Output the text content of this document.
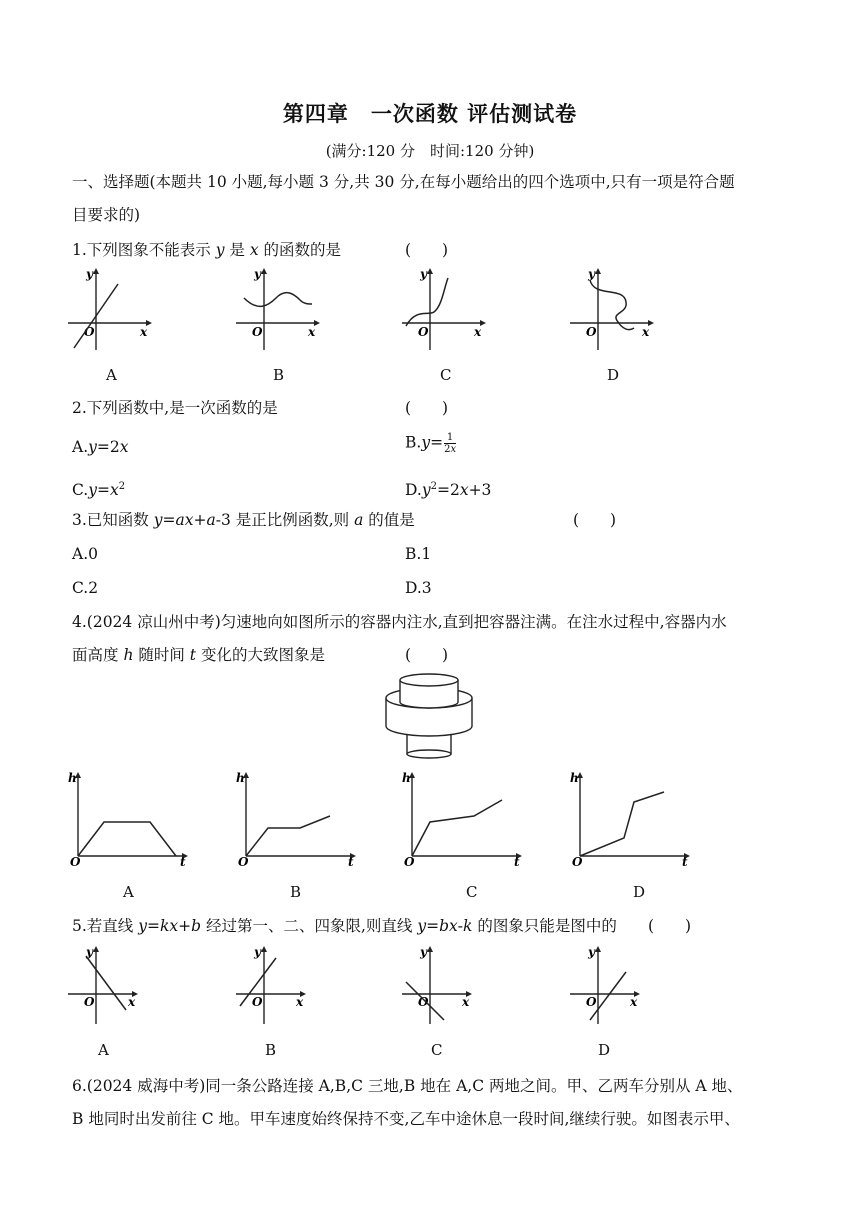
第四章　一次函数 评估测试卷
(满分:120 分　时间:120 分钟)
一、选择题(本题共 10 小题,每小题 3 分,共 30 分,在每小题给出的四个选项中,只有一项是符合题
目要求的)
1.下列图象不能表示 y 是 x 的函数的是	(　　)
y
O	x
y
O	x
y
O	x
y
O	x
A	B	C	D
2.下列函数中,是一次函数的是	(　　)
A.y=2x	$B.y= \frac{1}{2x}$
$C.y=x^2$	$D.y^2=2x+3$
3.已知函数 y=ax+a-3 是正比例函数,则 a 的值是	(　　)
A.0	B.1
C.2	D.3
4.(2024 凉山州中考)匀速地向如图所示的容器内注水,直到把容器注满。在注水过程中,容器内水
面高度 h 随时间 t 变化的大致图象是	(　　)
h
O	t
h
O	t
h
O	t
h
O	t
A	B	C	D
5.若直线 y=kx+b 经过第一、二、四象限,则直线 y=bx-k 的图象只能是图中的 (　　)
y
O	x
y
O	x
y
O	x
y
O	x
A	B	C	D
6.(2024 威海中考)同一条公路连接 A,B,C 三地,B 地在 A,C 两地之间。甲、乙两车分别从 A 地、
B 地同时出发前往 C 地。甲车速度始终保持不变,乙车中途休息一段时间,继续行驶。如图表示甲、
